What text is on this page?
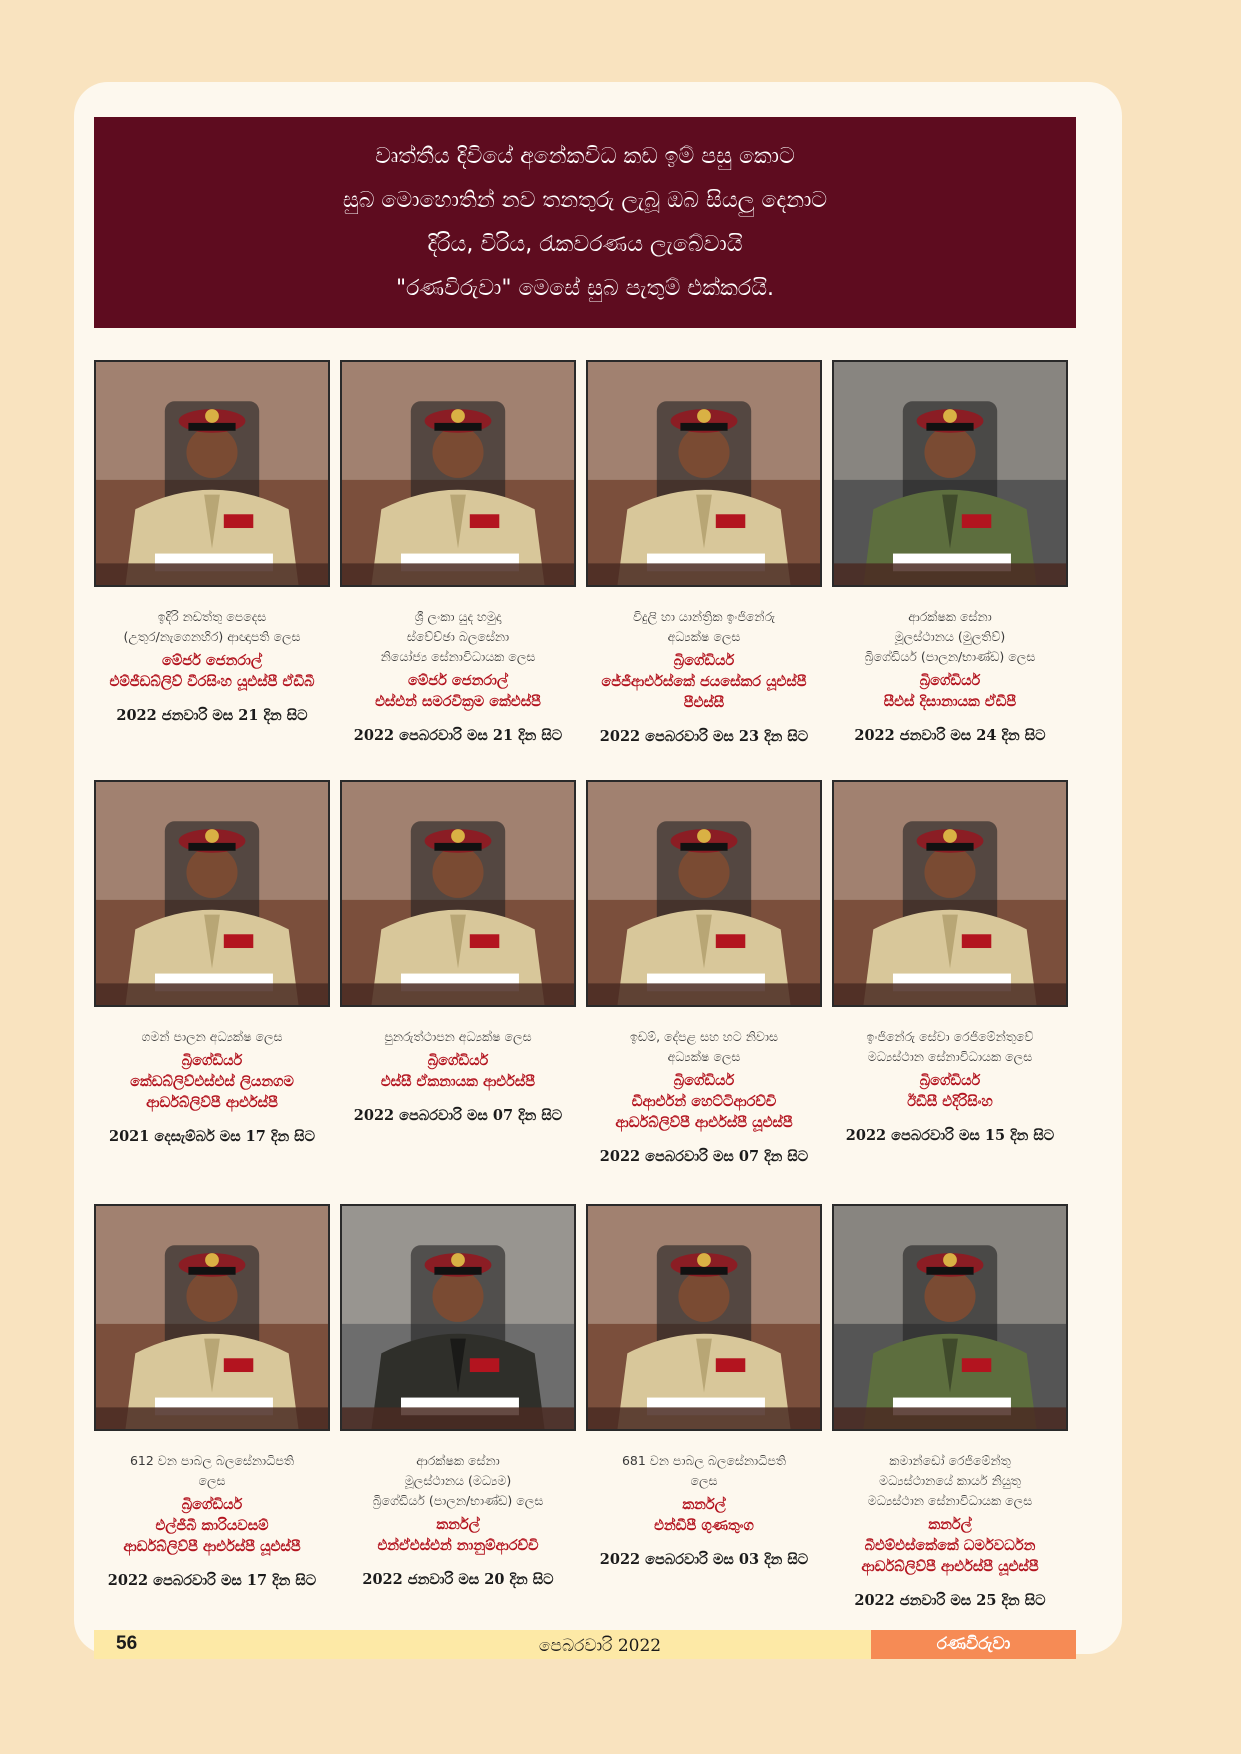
වෘත්තීය දිවියේ අනේකවිධ කඩ ඉම් පසු කොට
සුබ මොහොතින් නව තනතුරු ලැබූ ඔබ සියලු දෙනාට
දිරිය, විරිය, රැකවරණය ලැබේවායි
"රණවිරුවා" මෙසේ සුබ පැතුම් එක්කරයි.
ඉදිරි නඩත්තු පෙදෙස
(උතුර/නැගෙනහිර) ආඥාපති ලෙස
මේජර් ජෙනරාල්
එම්ජීඩබ්ලිව් වීරසිංහ යූඑස්පී ඒඩීබී
2022 ජනවාරි මස 21 දින සිට
ශ්‍රී ලංකා යුද හමුදා
ස්වේච්ඡා බලසේනා
නියෝජ්‍ය සේනාවිධායක ලෙස
මේජර් ජෙනරාල්
එස්එන් සමරවික්‍රම කේඑස්පී
2022 පෙබරවාරි මස 21 දින සිට
විදුලි හා යාන්ත්‍රික ඉංජිනේරු
අධ්‍යක්ෂ ලෙස
බ්‍රිගේඩියර්
ජේජීආර්එස්කේ ජයසේකර යූඑස්පී
පීඑස්සී
2022 පෙබරවාරි මස 23 දින සිට
ආරක්ෂක සේනා
මූලස්ථානය (මුලතිව්)
බ්‍රිගේඩියර් (පාලන/භාණ්ඩ) ලෙස
බ්‍රිගේඩියර්
සීඑස් දිසානායක ඒඩීපී
2022 ජනවාරි මස 24 දින සිට
ගමන් පාලන අධ්‍යක්ෂ ලෙස
බ්‍රිගේඩියර්
කේඩබ්ලිව්එස්එස් ලියනගම
ආර්ඩබ්ලිව්පී ආර්එස්පී
2021 දෙසැම්බර් මස 17 දින සිට
පුනරුත්ථාපන අධ්‍යක්ෂ ලෙස
බ්‍රිගේඩියර්
එස්සී ඒකනායක ආර්එස්පී
2022 පෙබරවාරි මස 07 දින සිට
ඉඩම්, දේපළ සහ හට නිවාස
අධ්‍යක්ෂ ලෙස
බ්‍රිගේඩියර්
ඩීආර්එන් හෙට්ටිආරච්චි
ආර්ඩබ්ලිව්පී ආර්එස්පී යූඑස්පී
2022 පෙබරවාරි මස 07 දින සිට
ඉංජිනේරු සේවා රෙජිමේන්තුවේ
මධ්‍යස්ථාන සේනාවිධායක ලෙස
බ්‍රිගේඩියර්
ඊඩීසී එදිරිසිංහ
2022 පෙබරවාරි මස 15 දින සිට
612 වන පාබල බලසේනාධිපති
ලෙස
බ්‍රිගේඩියර්
එල්ජීබී කාරියවසම්
ආර්ඩබ්ලිව්පී ආර්එස්පී යූඑස්පී
2022 පෙබරවාරි මස 17 දින සිට
ආරක්ෂක සේනා
මූලස්ථානය (මධ්‍යම)
බ්‍රිගේඩියර් (පාලන/භාණ්ඩ) ලෙස
කර්නල්
එන්ඒඑස්එන් නානුම්ආරච්චි
2022 ජනවාරි මස 20 දින සිට
681 වන පාබල බලසේනාධිපති
ලෙස
කර්නල්
එන්ඩීපී ගුණතුංග
2022 පෙබරවාරි මස 03 දින සිට
කමාන්ඩෝ රෙජිමේන්තු
මධ්‍යස්ථානයේ කාර්ය නියුතු
මධ්‍යස්ථාන සේනාවිධායක ලෙස
කර්නල්
බීඑම්එස්කේකේ ධර්මවර්ධන
ආර්ඩබ්ලිව්පී ආර්එස්පී යූඑස්පී
2022 ජනවාරි මස 25 දින සිට
56	පෙබරවාරි 2022	රණවිරුවා
